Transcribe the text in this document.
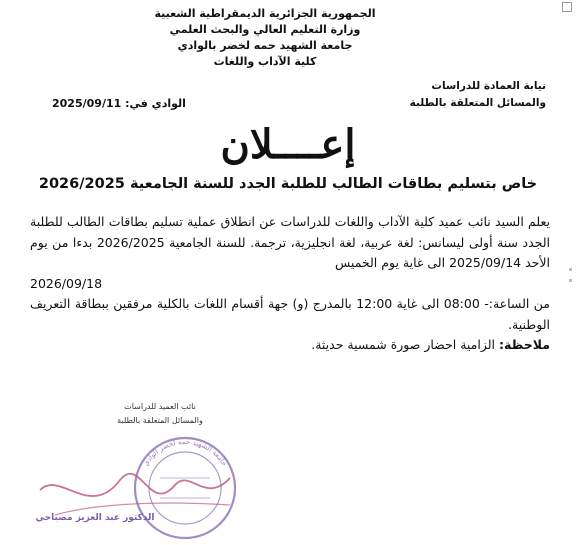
الجمهورية الجزائرية الديمقراطية الشعبية
وزارة التعليم العالي والبحث العلمي
جامعة الشهيد حمه لخضر بالوادي
كلية الآداب واللغات
نيابة العمادة للدراسات
والمسائل المتعلقة بالطلبة
الوادي في: 2025/09/11
إعــــلان
خاص بتسليم بطاقات الطالب للطلبة الجدد للسنة الجامعية 2026/2025

يعلم السيد نائب عميد كلية الآداب واللغات للدراسات عن انطلاق عملية تسليم بطاقات الطالب للطلبة الجدد سنة أولى ليسانس: لغة عربية، لغة انجليزية، ترجمة. للسنة الجامعية 2026/2025 بدءا من يوم الأحد 2025/09/14 الى غاية يوم الخميس

2026/09/18

من الساعة:- 08:00 الى غاية 12:00 بالمدرج (و) جهة أقسام اللغات بالكلية مرفقين ببطاقة التعريف الوطنية.

ملاحظة: الزامية احضار صورة شمسية حديثة.

نائب العميد للدراسات
والمسائل المتعلقة بالطلبة
جامعة الشهيد حمه لخضر الوادي
الدكتور عبد العزيز مصباحي
